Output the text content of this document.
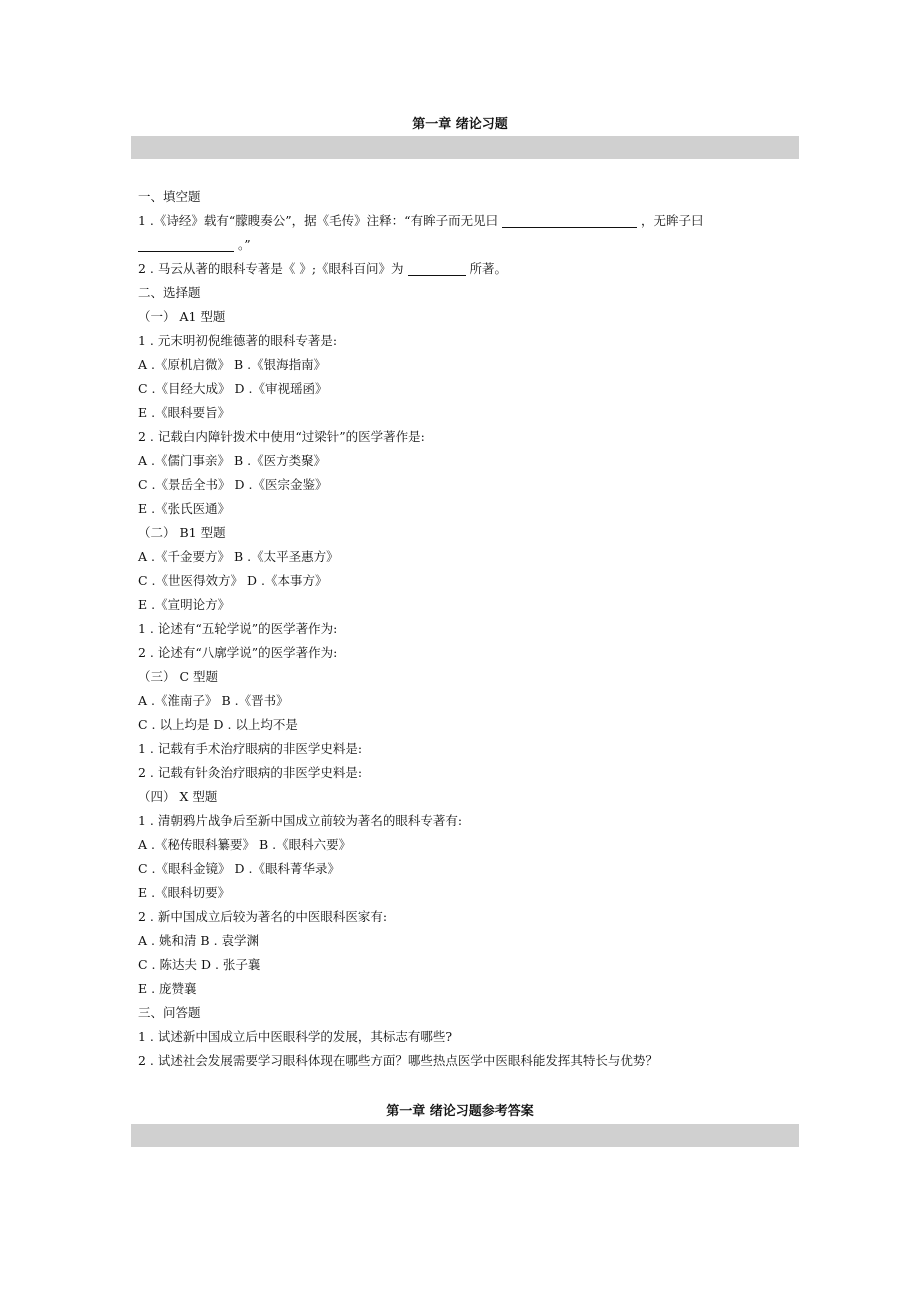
第一章 绪论习题
一、填空题
1 .《诗经》载有“朦瞍奏公”，据《毛传》注释：“有眸子而无见曰	，无眸子曰
。”
2 . 马云从著的眼科专著是《 》;《眼科百问》为	所著。
二、选择题
（一） A1 型题
1 . 元末明初倪维德著的眼科专著是:
A .《原机启微》 B .《银海指南》
C .《目经大成》 D .《审视瑶函》
E .《眼科要旨》
2 . 记载白内障针拨术中使用“过梁针”的医学著作是:
A .《儒门事亲》 B .《医方类聚》
C .《景岳全书》 D .《医宗金鉴》
E .《张氏医通》
（二） B1 型题
A .《千金要方》 B .《太平圣惠方》
C .《世医得效方》 D .《本事方》
E .《宣明论方》
1 . 论述有“五轮学说”的医学著作为:
2 . 论述有“八廓学说”的医学著作为:
（三） C 型题
A .《淮南子》 B .《晋书》
C . 以上均是 D . 以上均不是
1 . 记载有手术治疗眼病的非医学史料是:
2 . 记载有针灸治疗眼病的非医学史料是:
（四） X 型题
1 . 清朝鸦片战争后至新中国成立前较为著名的眼科专著有:
A .《秘传眼科纂要》 B .《眼科六要》
C .《眼科金镜》 D .《眼科菁华录》
E .《眼科切要》
2 . 新中国成立后较为著名的中医眼科医家有:
A . 姚和清 B . 袁学渊
C . 陈达夫 D . 张子襄
E . 庞赞襄
三、问答题
1 . 试述新中国成立后中医眼科学的发展，其标志有哪些?
2 . 试述社会发展需要学习眼科体现在哪些方面？哪些热点医学中医眼科能发挥其特长与优势？
第一章 绪论习题参考答案
